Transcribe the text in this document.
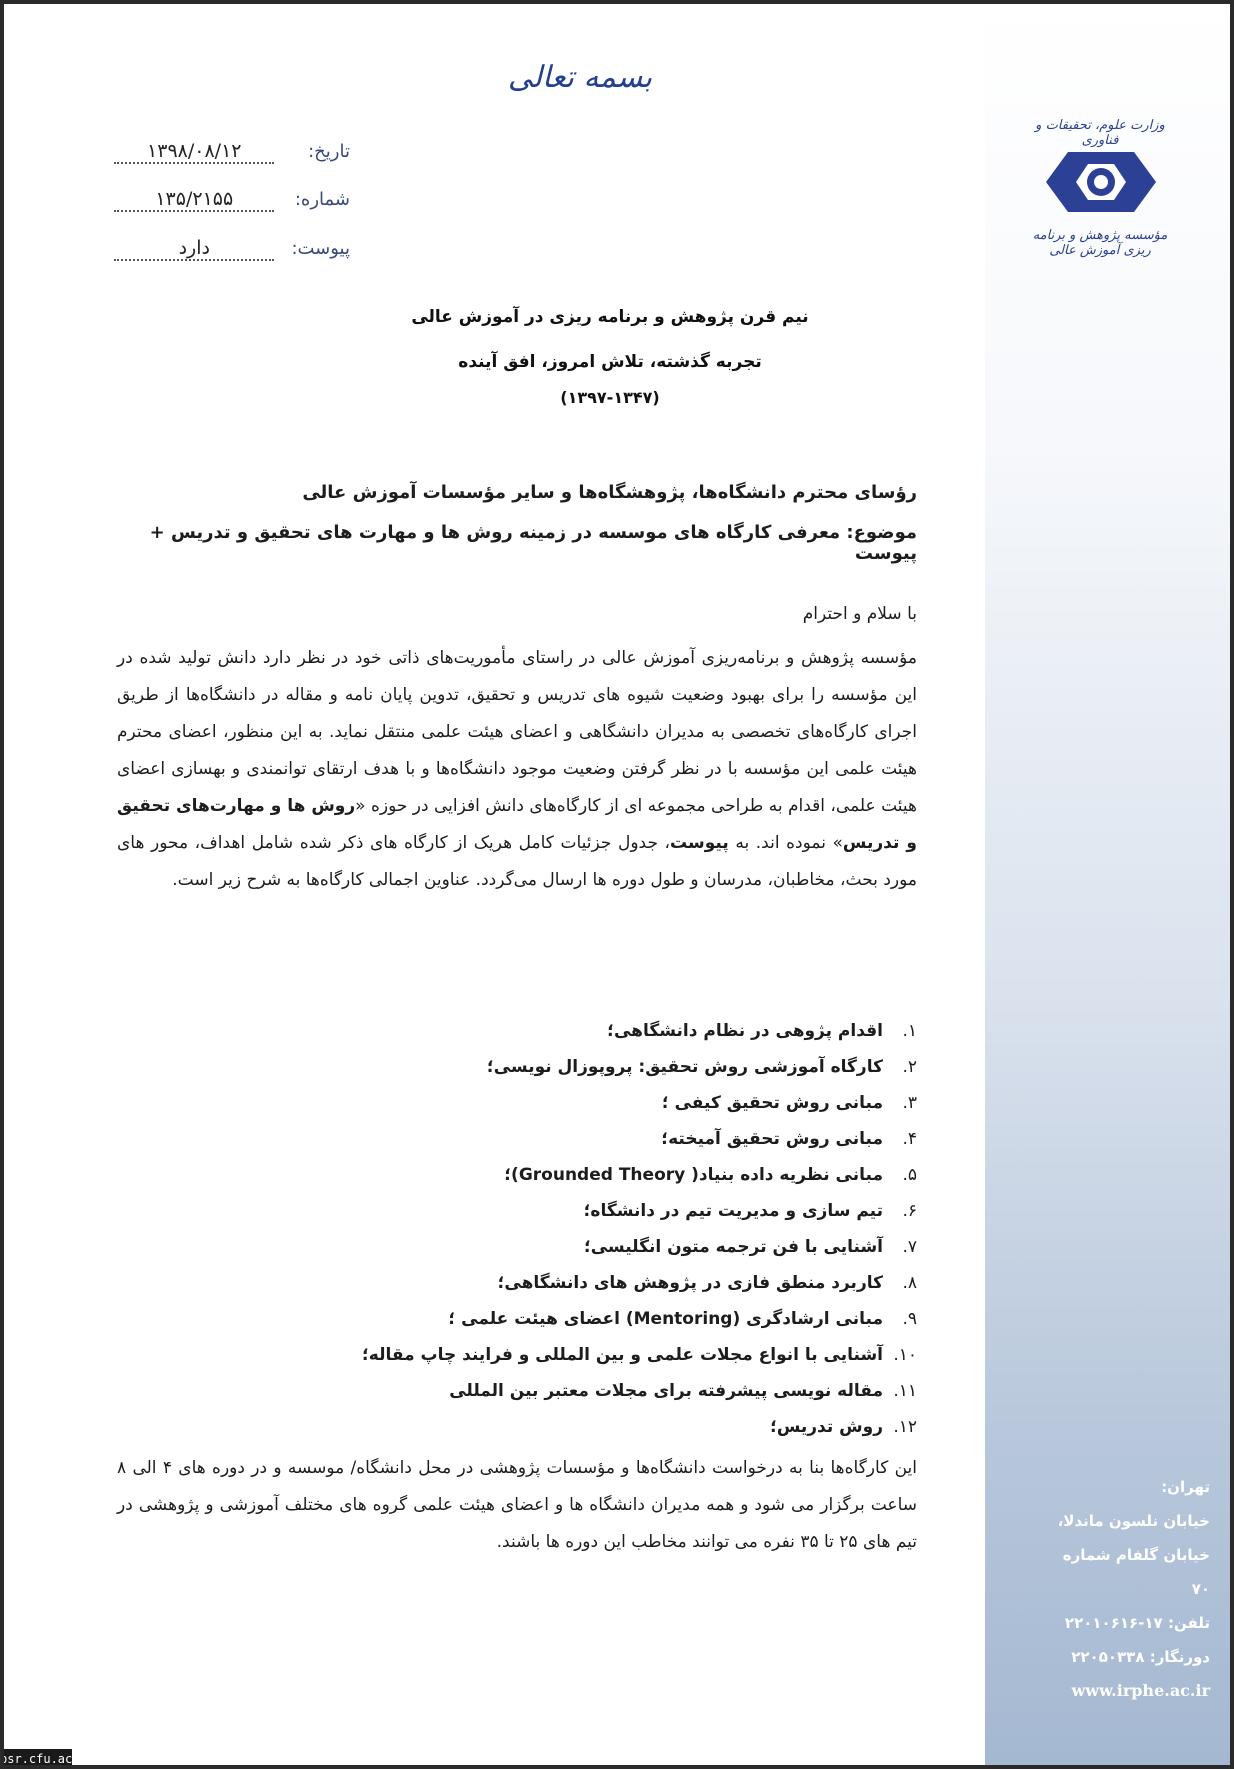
بسمه تعالی
وزارت علوم، تحقیقات و فناوری
مؤسسه پژوهش و برنامه ریزی آموزش عالی
تاریخ: ۱۳۹۸/۰۸/۱۲
شماره: ۱۳۵/۲۱۵۵
پیوست: دارد
نیم قرن پژوهش و برنامه ریزی در آموزش عالی
تجربه گذشته، تلاش امروز، افق آینده
(۱۳۹۷-۱۳۴۷)
رؤسای محترم دانشگاه‌ها، پژوهشگاه‌ها و سایر مؤسسات آموزش عالی
موضوع: معرفی کارگاه های موسسه در زمینه روش ها و مهارت های تحقیق و تدریس + پیوست
با سلام و احترام
مؤسسه پژوهش و برنامه‌ریزی آموزش عالی در راستای مأموریت‌های ذاتی خود در نظر دارد دانش تولید شده در این مؤسسه را برای بهبود وضعیت شیوه های تدریس و تحقیق، تدوین پایان نامه و مقاله در دانشگاه‌ها از طریق اجرای کارگاه‌های تخصصی به مدیران دانشگاهی و اعضای هیئت علمی منتقل نماید. به این منظور، اعضای محترم هیئت علمی این مؤسسه با در نظر گرفتن وضعیت موجود دانشگاه‌ها و با هدف ارتقای توانمندی و بهسازی اعضای هیئت علمی، اقدام به طراحی مجموعه ای از کارگاه‌های دانش افزایی در حوزه «روش ها و مهارت‌های تحقیق و تدریس» نموده اند. به پیوست، جدول جزئیات کامل هریک از کارگاه های ذکر شده شامل اهداف، محور های مورد بحث، مخاطبان، مدرسان و طول دوره ها ارسال می‌گردد. عناوین اجمالی کارگاه‌ها به شرح زیر است.
۱.اقدام پژوهی در نظام دانشگاهی؛
۲.کارگاه آموزشی روش تحقیق: پروپوزال نویسی؛
۳.مبانی روش تحقیق کیفی ؛
۴.مبانی روش تحقیق آمیخته؛
۵.مبانی نظریه داده بنیاد( Grounded Theory)؛
۶.تیم سازی و مدیریت تیم در دانشگاه؛
۷.آشنایی با فن ترجمه متون انگلیسی؛
۸.کاربرد منطق فازی در پژوهش های دانشگاهی؛
۹.مبانی ارشادگری (Mentoring) اعضای هیئت علمی ؛
۱۰.آشنایی با انواع مجلات علمی و بین المللی و فرایند چاپ مقاله؛
۱۱.مقاله نویسی پیشرفته برای مجلات معتبر بین المللی
۱۲.روش تدریس؛
این کارگاه‌ها بنا به درخواست دانشگاه‌ها و مؤسسات پژوهشی در محل دانشگاه/ موسسه و در دوره های ۴ الی ۸ ساعت برگزار می شود و همه مدیران دانشگاه ها و اعضای هیئت علمی گروه های مختلف آموزشی و پژوهشی در تیم های ۲۵ تا ۳۵ نفره می توانند مخاطب این دوره ها باشند.
تهران:
خیابان نلسون ماندلا،
خیابان گلفام شماره ۷۰
تلفن: ۱۷-۲۲۰۱۰۶۱۶
دورنگار: ۲۲۰۵۰۳۳۸
www.irphe.ac.ir
bsr.cfu.ac.ir
